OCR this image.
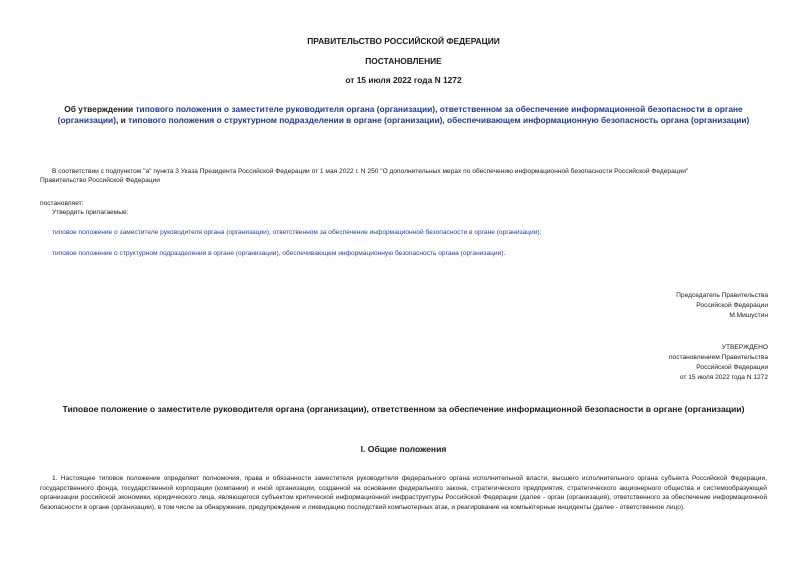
ПРАВИТЕЛЬСТВО РОССИЙСКОЙ ФЕДЕРАЦИИ
ПОСТАНОВЛЕНИЕ
от 15 июля 2022 года N 1272
Об утверждении типового положения о заместителе руководителя органа (организации), ответственном за обеспечение информационной безопасности в органе (организации), и типового положения о структурном подразделении в органе (организации), обеспечивающем информационную безопасность органа (организации)
В соответствии с подпунктом "а" пункта 3 Указа Президента Российской Федерации от 1 мая 2022 г. N 250 "О дополнительных мерах по обеспечению информационной безопасности Российской Федерации"
Правительство Российской Федерации
постановляет:
Утвердить прилагаемые:
типовое положение о заместителе руководителя органа (организации), ответственном за обеспечение информационной безопасности в органе (организации);
типовое положение о структурном подразделении в органе (организации), обеспечивающем информационную безопасность органа (организации).
Председатель Правительства
Российской Федерации
М.Мишустин
УТВЕРЖДЕНО
постановлением Правительства
Российской Федерации
от 15 июля 2022 года N 1272
Типовое положение о заместителе руководителя органа (организации), ответственном за обеспечение информационной безопасности в органе (организации)
I. Общие положения
1. Настоящее типовое положение определяет полномочия, права и обязанности заместителя руководителя федерального органа исполнительной власти, высшего исполнительного органа субъекта Российской Федерации, государственного фонда, государственной корпорации (компании) и иной организации, созданной на основании федерального закона, стратегического предприятия, стратегического акционерного общества и системообразующей организации российской экономики, юридического лица, являющегося субъектом критической информационной инфраструктуры Российской Федерации (далее - орган (организация), ответственного за обеспечение информационной безопасности в органе (организации), в том числе за обнаружение, предупреждение и ликвидацию последствий компьютерных атак, и реагирование на компьютерные инциденты (далее - ответственное лицо).
